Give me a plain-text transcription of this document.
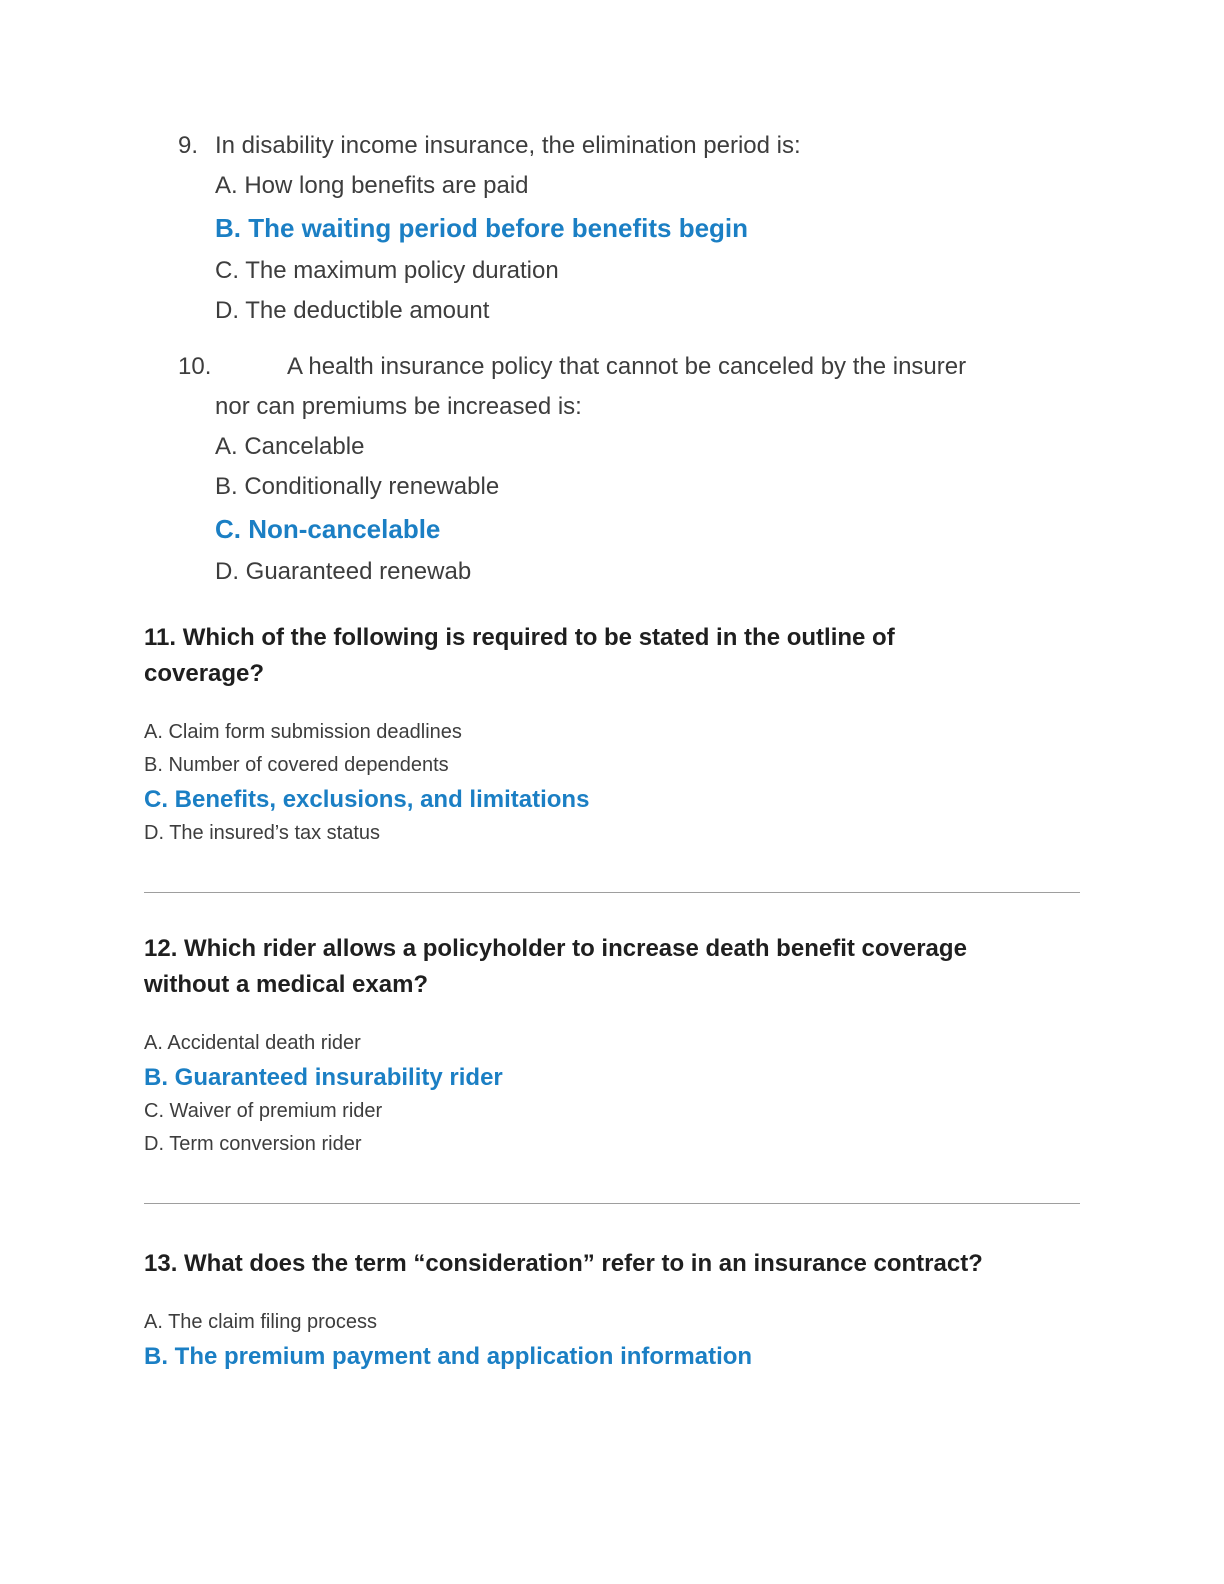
9. In disability income insurance, the elimination period is:
A. How long benefits are paid
B. The waiting period before benefits begin
C. The maximum policy duration
D. The deductible amount
10.	A health insurance policy that cannot be canceled by the insurer
nor can premiums be increased is:
A. Cancelable
B. Conditionally renewable
C. Non-cancelable
D. Guaranteed renewab
11. Which of the following is required to be stated in the outline of
coverage?
A. Claim form submission deadlines
B. Number of covered dependents
C. Benefits, exclusions, and limitations
D. The insured’s tax status
12. Which rider allows a policyholder to increase death benefit coverage
without a medical exam?
A. Accidental death rider
B. Guaranteed insurability rider
C. Waiver of premium rider
D. Term conversion rider
13. What does the term “consideration” refer to in an insurance contract?
A. The claim filing process
B. The premium payment and application information
